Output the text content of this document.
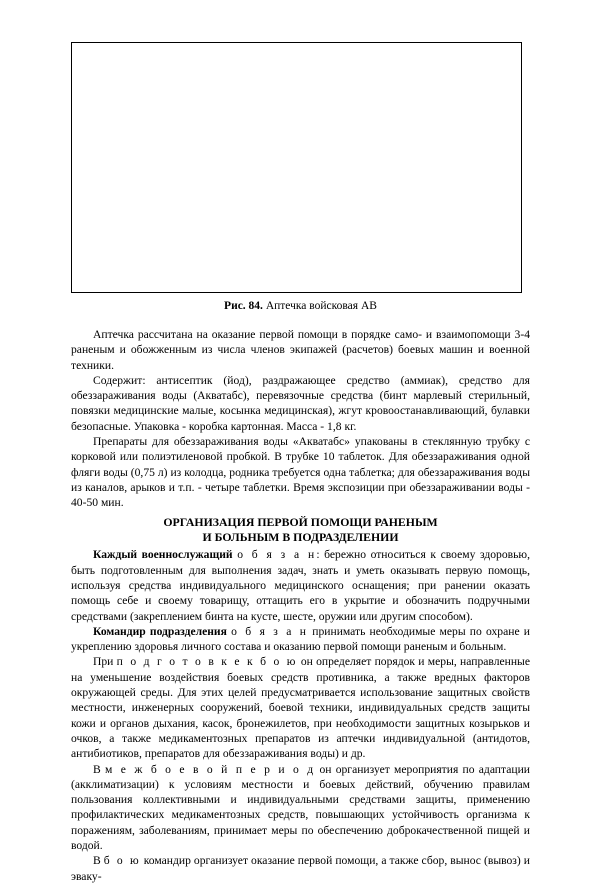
Рис. 84. Аптечка войсковая АВ

Аптечка рассчитана на оказание первой помощи в порядке само- и взаимопомощи 3-4 раненым и обожженным из числа членов экипажей (расчетов) боевых машин и военной техники.

Содержит: антисептик (йод), раздражающее средство (аммиак), средство для обеззараживания воды (Акватабс), перевязочные средства (бинт марлевый стерильный, повязки медицинские малые, косынка медицинская), жгут кровоостанавливающий, булавки безопасные. Упаковка - коробка картонная. Масса - 1,8 кг.

Препараты для обеззараживания воды «Акватабс» упакованы в стеклянную трубку с корковой или полиэтиленовой пробкой. В трубке 10 таблеток. Для обеззараживания одной фляги воды (0,75 л) из колодца, родника требуется одна таблетка; для обеззараживания воды из каналов, арыков и т.п. - четыре таблетки. Время экспозиции при обеззараживании воды - 40-50 мин.

ОРГАНИЗАЦИЯ ПЕРВОЙ ПОМОЩИ РАНЕНЫМ
И БОЛЬНЫМ В ПОДРАЗДЕЛЕНИИ

Каждый военнослужащий о б я з а н: бережно относиться к своему здоровью, быть подготовленным для выполнения задач, знать и уметь оказывать первую помощь, используя средства индивидуального медицинского оснащения; при ранении оказать помощь себе и своему товарищу, оттащить его в укрытие и обозначить подручными средствами (закреплением бинта на кусте, шесте, оружии или другим способом).

Командир подразделения о б я з а н принимать необходимые меры по охране и укреплению здоровья личного состава и оказанию первой помощи раненым и больным.

При п о д г о т о в к е к б о ю он определяет порядок и меры, направленные на уменьшение воздействия боевых средств противника, а также вредных факторов окружающей среды. Для этих целей предусматривается использование защитных свойств местности, инженерных сооружений, боевой техники, индивидуальных средств защиты кожи и органов дыхания, касок, бронежилетов, при необходимости защитных козырьков и очков, а также медикаментозных препаратов из аптечки индивидуальной (антидотов, антибиотиков, препаратов для обеззараживания воды) и др.

В м е ж б о е в о й п е р и о д он организует мероприятия по адаптации (акклиматизации) к условиям местности и боевых действий, обучению правилам пользования коллективными и индивидуальными средствами защиты, применению профилактических медикаментозных средств, повышающих устойчивость организма к поражениям, заболеваниям, принимает меры по обеспечению доброкачественной пищей и водой.

В б о ю командир организует оказание первой помощи, а также сбор, вынос (вывоз) и эваку-
